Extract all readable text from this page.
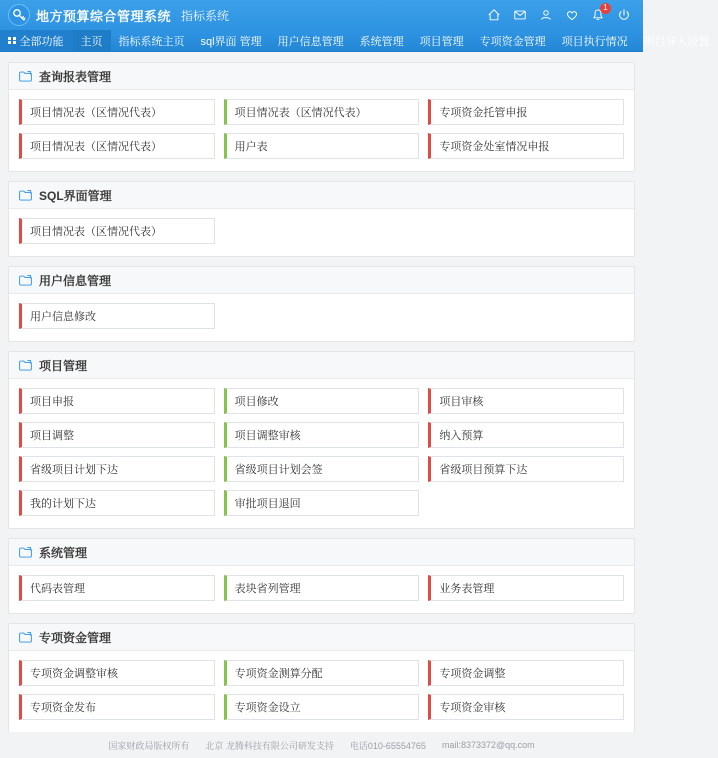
地方预算综合管理系统 指标系统
1
全部功能 主页 指标系统主页 sql界面 管理 用户信息管理 系统管理 项目管理 专项资金管理 项目执行情况 项目导入设置
查询报表管理
项目情况表（区情况代表）	项目情况表（区情况代表）	专项资金托管申报
项目情况表（区情况代表）	用户表	专项资金处室情况申报
SQL界面管理
项目情况表（区情况代表）
用户信息管理
用户信息修改
项目管理
项目申报	项目修改	项目审核
项目调整	项目调整审核	纳入预算
省级项目计划下达	省级项目计划会签	省级项目预算下达
我的计划下达	审批项目退回
系统管理
代码表管理	表块省列管理	业务表管理
专项资金管理
专项资金调整审核	专项资金测算分配	专项资金调整
专项资金发布	专项资金设立	专项资金审核
国家财政局版权所有 北京 龙腾科技有限公司研发支持 电话010-65554765 mail:8373372@qq.com
